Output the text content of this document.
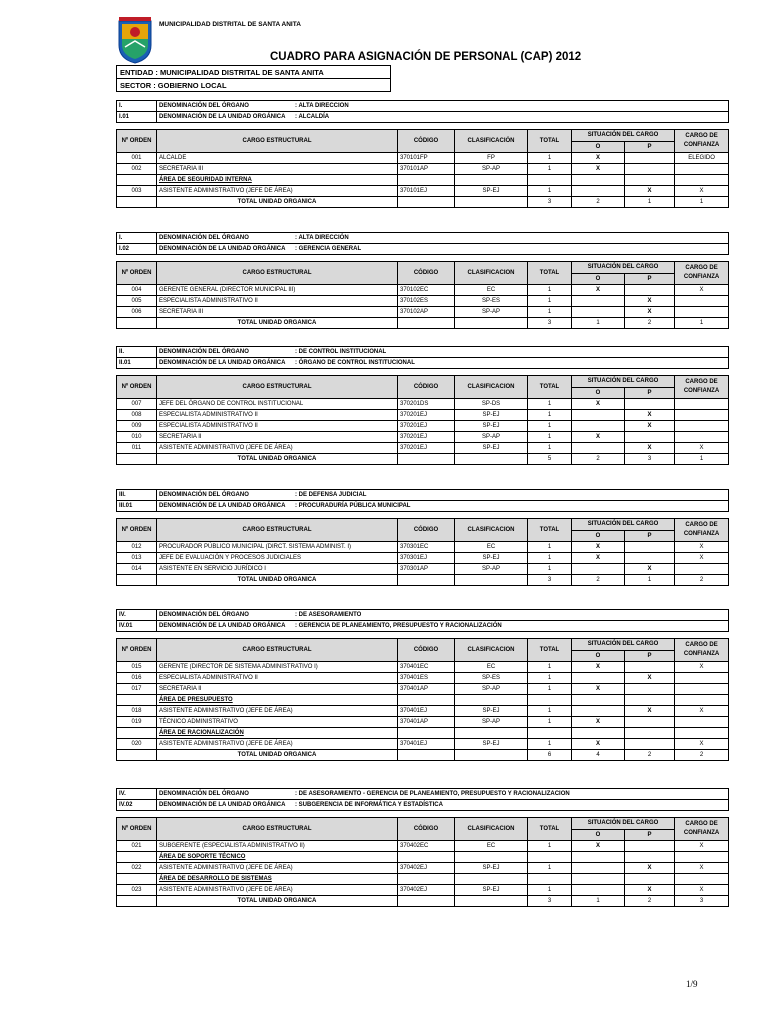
MUNICIPALIDAD DISTRITAL DE SANTA ANITA
CUADRO PARA ASIGNACIÓN DE PERSONAL (CAP) 2012
ENTIDAD : MUNICIPALIDAD DISTRITAL DE SANTA ANITA
SECTOR : GOBIERNO LOCAL
I.	DENOMINACIÓN DEL ÓRGANO : ALTA DIRECCION						
I.01	DENOMINACIÓN DE LA UNIDAD ORGÁNICA : ALCALDÍA						

Nº ORDEN	CARGO ESTRUCTURAL	CÓDIGO	CLASIFICACIÓN	TOTAL	SITUACIÓN DEL CARGO		CARGO DE CONFIANZA
					O	P	
001	ALCALDE	370101FP	FP	1	X		ELEGIDO
002	SECRETARIA III	370101AP	SP-AP	1	X		
	ÁREA DE SEGURIDAD INTERNA						
003	ASISTENTE ADMINISTRATIVO (JEFE DE ÁREA)	370101EJ	SP-EJ	1		X	X
	TOTAL UNIDAD ORGANICA			3	2	1	1
I.	DENOMINACIÓN DEL ÓRGANO : ALTA DIRECCIÓN						
I.02	DENOMINACIÓN DE LA UNIDAD ORGÁNICA : GERENCIA GENERAL						

Nº ORDEN	CARGO ESTRUCTURAL	CÓDIGO	CLASIFICACION	TOTAL	SITUACIÓN DEL CARGO		CARGO DE CONFIANZA
					O	P	
004	GERENTE GENERAL (DIRECTOR MUNICIPAL III)	370102EC	EC	1	X		X
005	ESPECIALISTA ADMINISTRATIVO II	370102ES	SP-ES	1		X	
006	SECRETARIA III	370102AP	SP-AP	1		X	
	TOTAL UNIDAD ORGANICA			3	1	2	1
II.	DENOMINACIÓN DEL ÓRGANO : DE CONTROL INSTITUCIONAL						
II.01	DENOMINACIÓN DE LA UNIDAD ORGÁNICA : ÓRGANO DE CONTROL INSTITUCIONAL						

Nº ORDEN	CARGO ESTRUCTURAL	CÓDIGO	CLASIFICACION	TOTAL	SITUACIÓN DEL CARGO		CARGO DE CONFIANZA
					O	P	
007	JEFE DEL ÓRGANO DE CONTROL INSTITUCIONAL	370201DS	SP-DS	1	X		
008	ESPECIALISTA ADMINISTRATIVO II	370201EJ	SP-EJ	1		X	
009	ESPECIALISTA ADMINISTRATIVO II	370201EJ	SP-EJ	1		X	
010	SECRETARIA II	370201EJ	SP-AP	1	X		
011	ASISTENTE ADMINISTRATIVO (JEFE DE ÁREA)	370201EJ	SP-EJ	1		X	X
	TOTAL UNIDAD ORGANICA			5	2	3	1
III.	DENOMINACIÓN DEL ÓRGANO : DE DEFENSA JUDICIAL						
III.01	DENOMINACIÓN DE LA UNIDAD ORGÁNICA : PROCURADURÍA PÚBLICA MUNICIPAL						

Nº ORDEN	CARGO ESTRUCTURAL	CÓDIGO	CLASIFICACION	TOTAL	SITUACIÓN DEL CARGO		CARGO DE CONFIANZA
					O	P	
012	PROCURADOR PÚBLICO MUNICIPAL (DIRCT. SISTEMA ADMINIST. I)	370301EC	EC	1	X		X
013	JEFE DE EVALUACIÓN Y PROCESOS JUDICIALES	370301EJ	SP-EJ	1	X		X
014	ASISTENTE EN SERVICIO JURÍDICO I	370301AP	SP-AP	1		X	
	TOTAL UNIDAD ORGANICA			3	2	1	2
IV.	DENOMINACIÓN DEL ÓRGANO : DE ASESORAMIENTO						
IV.01	DENOMINACIÓN DE LA UNIDAD ORGÁNICA : GERENCIA DE PLANEAMIENTO, PRESUPUESTO Y RACIONALIZACIÓN						

Nº ORDEN	CARGO ESTRUCTURAL	CÓDIGO	CLASIFICACION	TOTAL	SITUACIÓN DEL CARGO		CARGO DE CONFIANZA
					O	P	
015	GERENTE (DIRECTOR DE SISTEMA ADMINISTRATIVO I)	370401EC	EC	1	X		X
016	ESPECIALISTA ADMINISTRATIVO II	370401ES	SP-ES	1		X	
017	SECRETARIA II	370401AP	SP-AP	1	X		
	ÁREA DE PRESUPUESTO						
018	ASISTENTE ADMINISTRATIVO (JEFE DE ÁREA)	370401EJ	SP-EJ	1		X	X
019	TÉCNICO ADMINISTRATIVO	370401AP	SP-AP	1	X		
	ÁREA DE RACIONALIZACIÓN						
020	ASISTENTE ADMINISTRATIVO (JEFE DE ÁREA)	370401EJ	SP-EJ	1	X		X
	TOTAL UNIDAD ORGANICA			6	4	2	2
IV.	DENOMINACIÓN DEL ÓRGANO : DE ASESORAMIENTO - GERENCIA DE PLANEAMIENTO, PRESUPUESTO Y RACIONALIZACION						
IV.02	DENOMINACIÓN DE LA UNIDAD ORGÁNICA : SUBGERENCIA DE INFORMÁTICA Y ESTADÍSTICA						

Nº ORDEN	CARGO ESTRUCTURAL	CÓDIGO	CLASIFICACION	TOTAL	SITUACIÓN DEL CARGO		CARGO DE CONFIANZA
					O	P	
021	SUBGERENTE (ESPECIALISTA ADMINISTRATIVO II)	370402EC	EC	1	X		X
	ÁREA DE SOPORTE TÉCNICO						
022	ASISTENTE ADMINISTRATIVO (JEFE DE ÁREA)	370402EJ	SP-EJ	1		X	X
	ÁREA DE DESARROLLO DE SISTEMAS						
023	ASISTENTE ADMINISTRATIVO (JEFE DE ÁREA)	370402EJ	SP-EJ	1		X	X
	TOTAL UNIDAD ORGANICA			3	1	2	3
1/9
